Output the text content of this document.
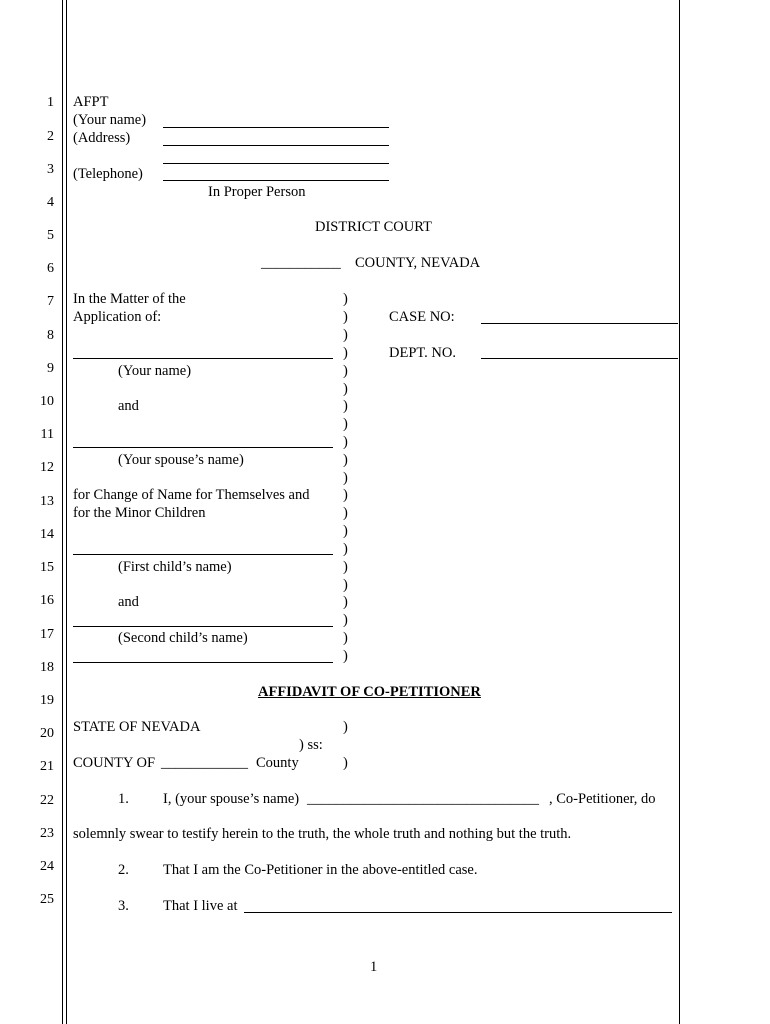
1
2
3
4
5
6
7
8
9
10
11
12
13
14
15
16
17
18
19
20
21
22
23
24
25
AFPT
(Your name)
(Address)
(Telephone)
In Proper Person
DISTRICT COURT
___________ COUNTY, NEVADA
In the Matter of the
Application of:
(Your name)
and
(Your spouse’s name)
for Change of Name for Themselves and
for the Minor Children
(First child’s name)
and
(Second child’s name)
)
)
)
)
)
)
)
)
)
)
)
)
)
)
)
)
)
)
)
)
)
CASE NO:
DEPT. NO.
AFFIDAVIT OF CO-PETITIONER
STATE OF NEVADA	)
) ss:
COUNTY OF ____________ County	)
1. I, (your spouse’s name) ________________________________ , Co-Petitioner, do
solemnly swear to testify herein to the truth, the whole truth and nothing but the truth.
2. That I am the Co-Petitioner in the above-entitled case.
3. That I live at
1
